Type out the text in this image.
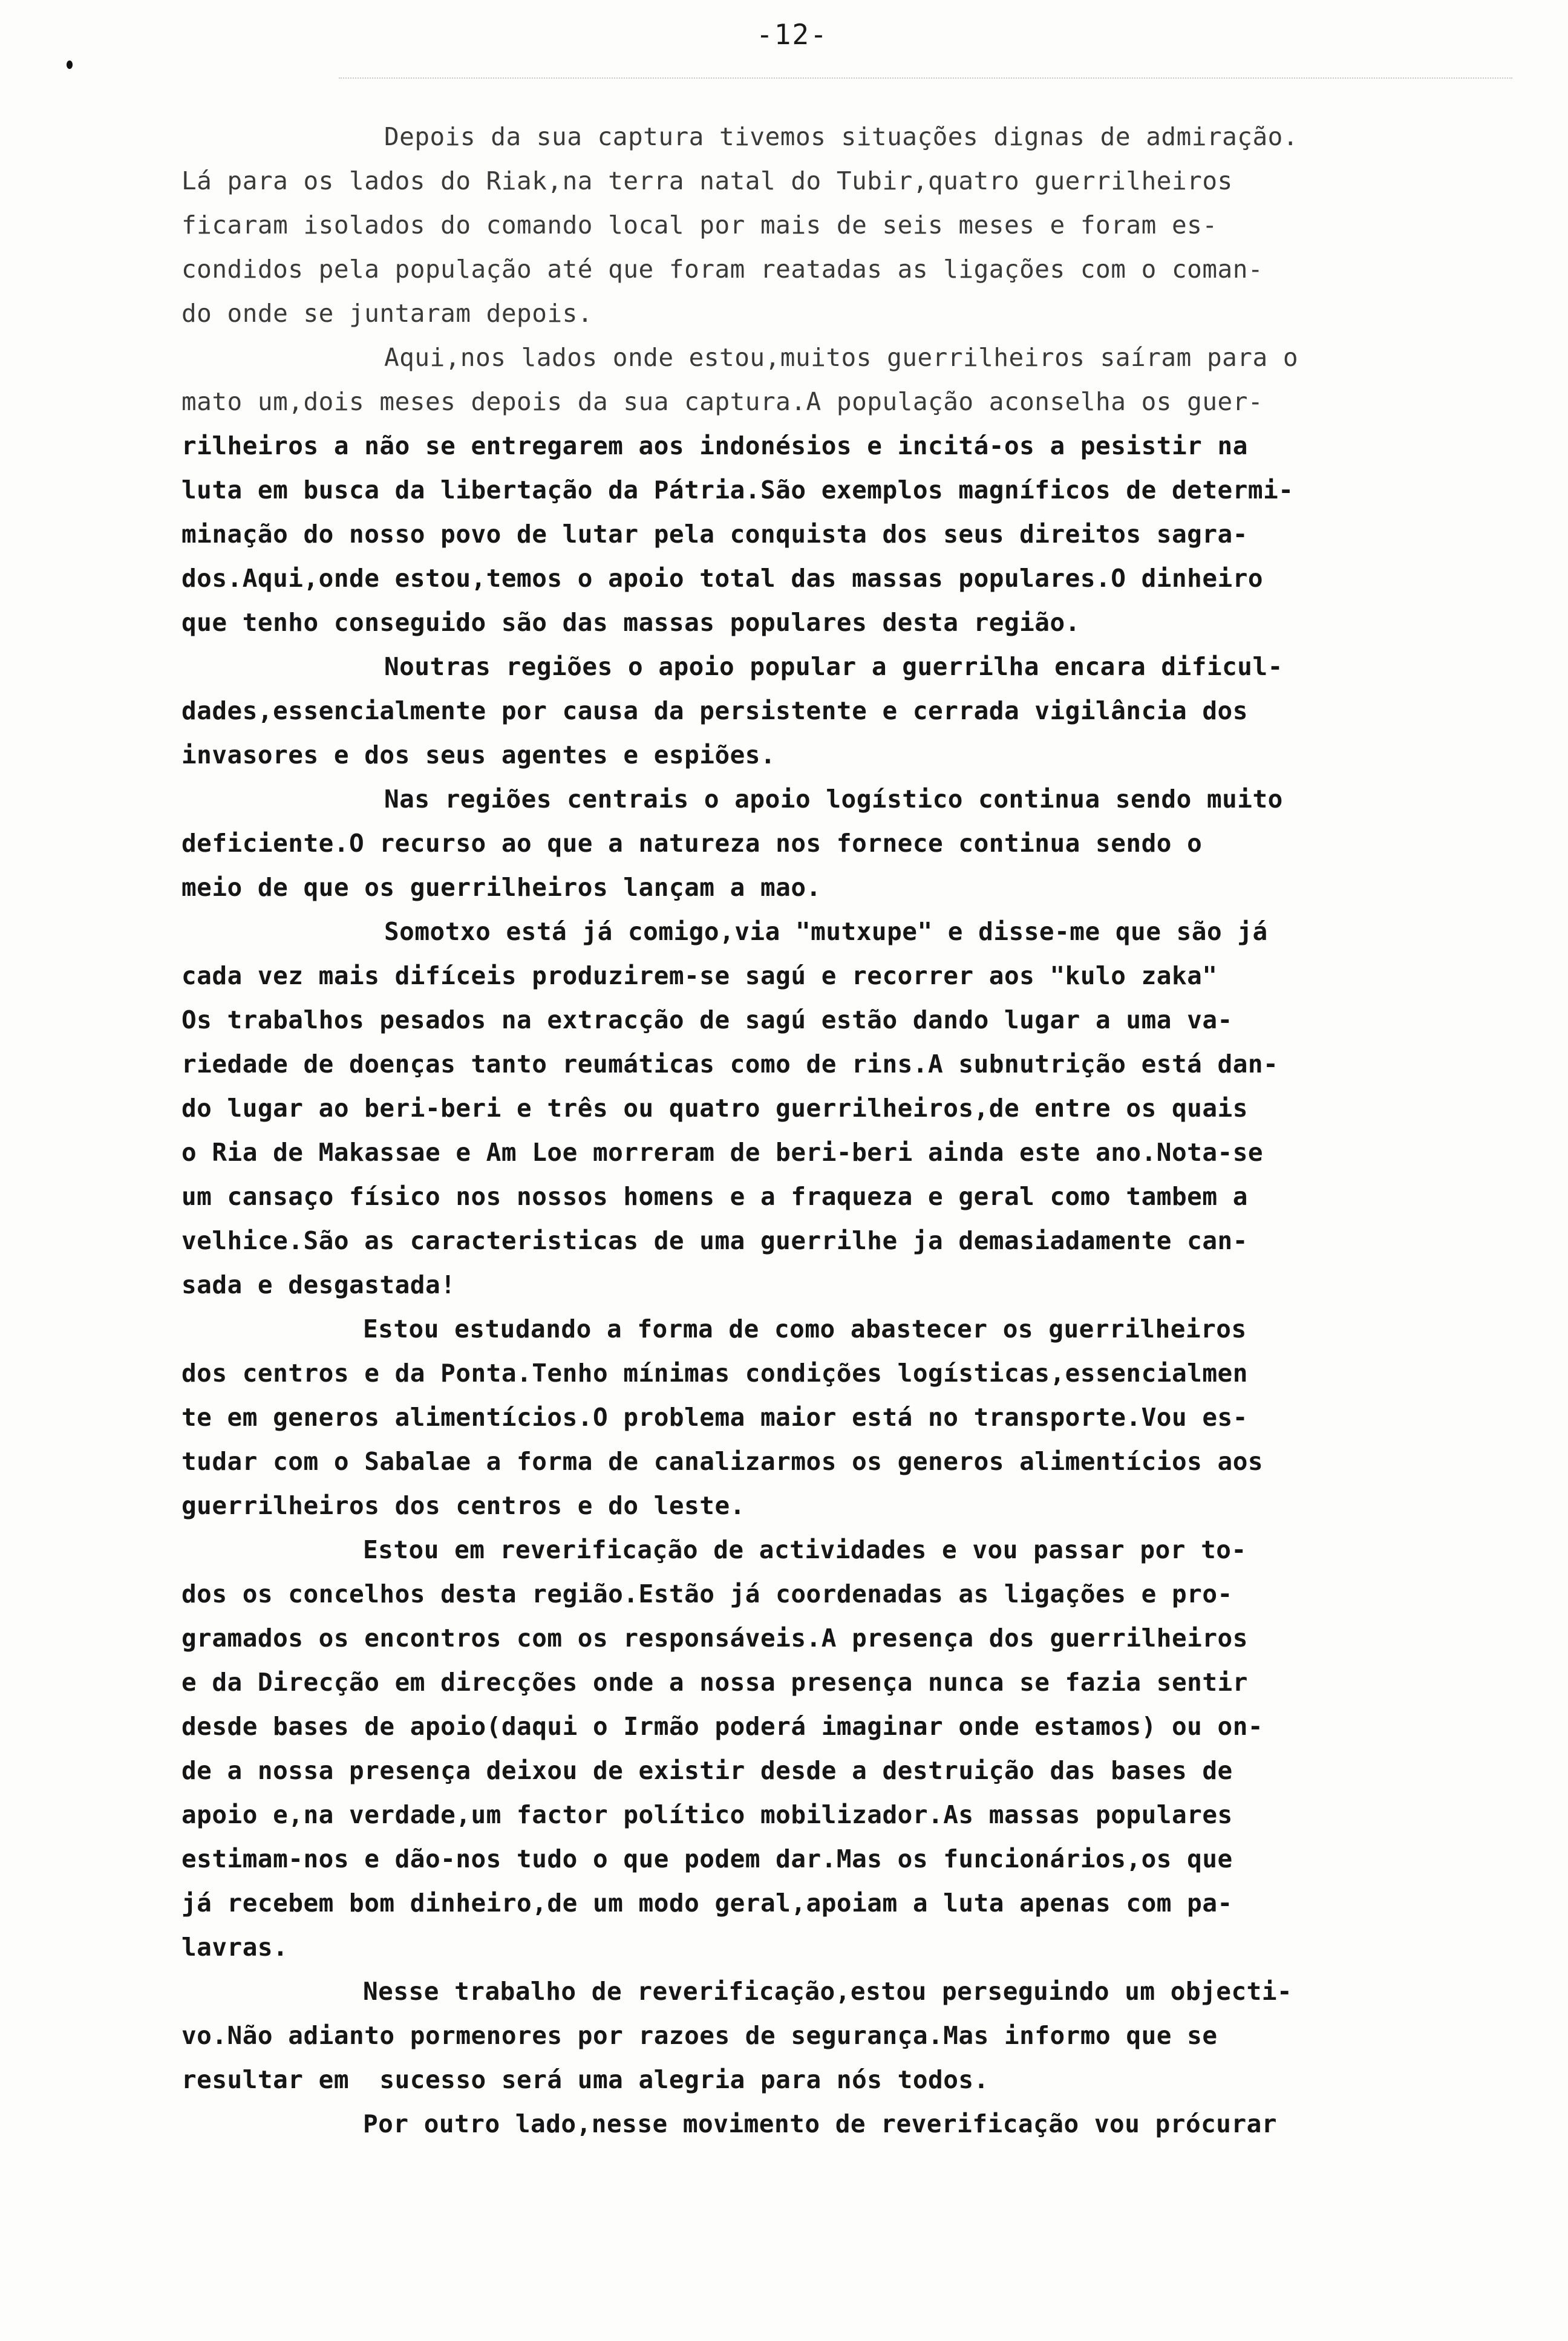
-12-
Depois da sua captura tivemos situações dignas de admiração.
Lá para os lados do Riak,na terra natal do Tubir,quatro guerrilheiros
ficaram isolados do comando local por mais de seis meses e foram es-
condidos pela população até que foram reatadas as ligações com o coman-
do onde se juntaram depois.
Aqui,nos lados onde estou,muitos guerrilheiros saíram para o
mato um,dois meses depois da sua captura.A população aconselha os guer-
rilheiros a não se entregarem aos indonésios e incitá-os a pesistir na
luta em busca da libertação da Pátria.São exemplos magníficos de determi-
minação do nosso povo de lutar pela conquista dos seus direitos sagra-
dos.Aqui,onde estou,temos o apoio total das massas populares.O dinheiro
que tenho conseguido são das massas populares desta região.
Noutras regiões o apoio popular a guerrilha encara dificul-
dades,essencialmente por causa da persistente e cerrada vigilância dos
invasores e dos seus agentes e espiões.
Nas regiões centrais o apoio logístico continua sendo muito
deficiente.O recurso ao que a natureza nos fornece continua sendo o
meio de que os guerrilheiros lançam a mao.
Somotxo está já comigo,via "mutxupe" e disse-me que são já
cada vez mais difíceis produzirem-se sagú e recorrer aos "kulo zaka"
Os trabalhos pesados na extracção de sagú estão dando lugar a uma va-
riedade de doenças tanto reumáticas como de rins.A subnutrição está dan-
do lugar ao beri-beri e três ou quatro guerrilheiros,de entre os quais
o Ria de Makassae e Am Loe morreram de beri-beri ainda este ano.Nota-se
um cansaço físico nos nossos homens e a fraqueza e geral como tambem a
velhice.São as caracteristicas de uma guerrilhe ja demasiadamente can-
sada e desgastada!
Estou estudando a forma de como abastecer os guerrilheiros
dos centros e da Ponta.Tenho mínimas condições logísticas,essencialmen
te em generos alimentícios.O problema maior está no transporte.Vou es-
tudar com o Sabalae a forma de canalizarmos os generos alimentícios aos
guerrilheiros dos centros e do leste.
Estou em reverificação de actividades e vou passar por to-
dos os concelhos desta região.Estão já coordenadas as ligações e pro-
gramados os encontros com os responsáveis.A presença dos guerrilheiros
e da Direcção em direcções onde a nossa presença nunca se fazia sentir
desde bases de apoio(daqui o Irmão poderá imaginar onde estamos) ou on-
de a nossa presença deixou de existir desde a destruição das bases de
apoio e,na verdade,um factor político mobilizador.As massas populares
estimam-nos e dão-nos tudo o que podem dar.Mas os funcionários,os que
já recebem bom dinheiro,de um modo geral,apoiam a luta apenas com pa-
lavras.
Nesse trabalho de reverificação,estou perseguindo um objecti-
vo.Não adianto pormenores por razoes de segurança.Mas informo que se
resultar em  sucesso será uma alegria para nós todos.
Por outro lado,nesse movimento de reverificação vou prócurar
